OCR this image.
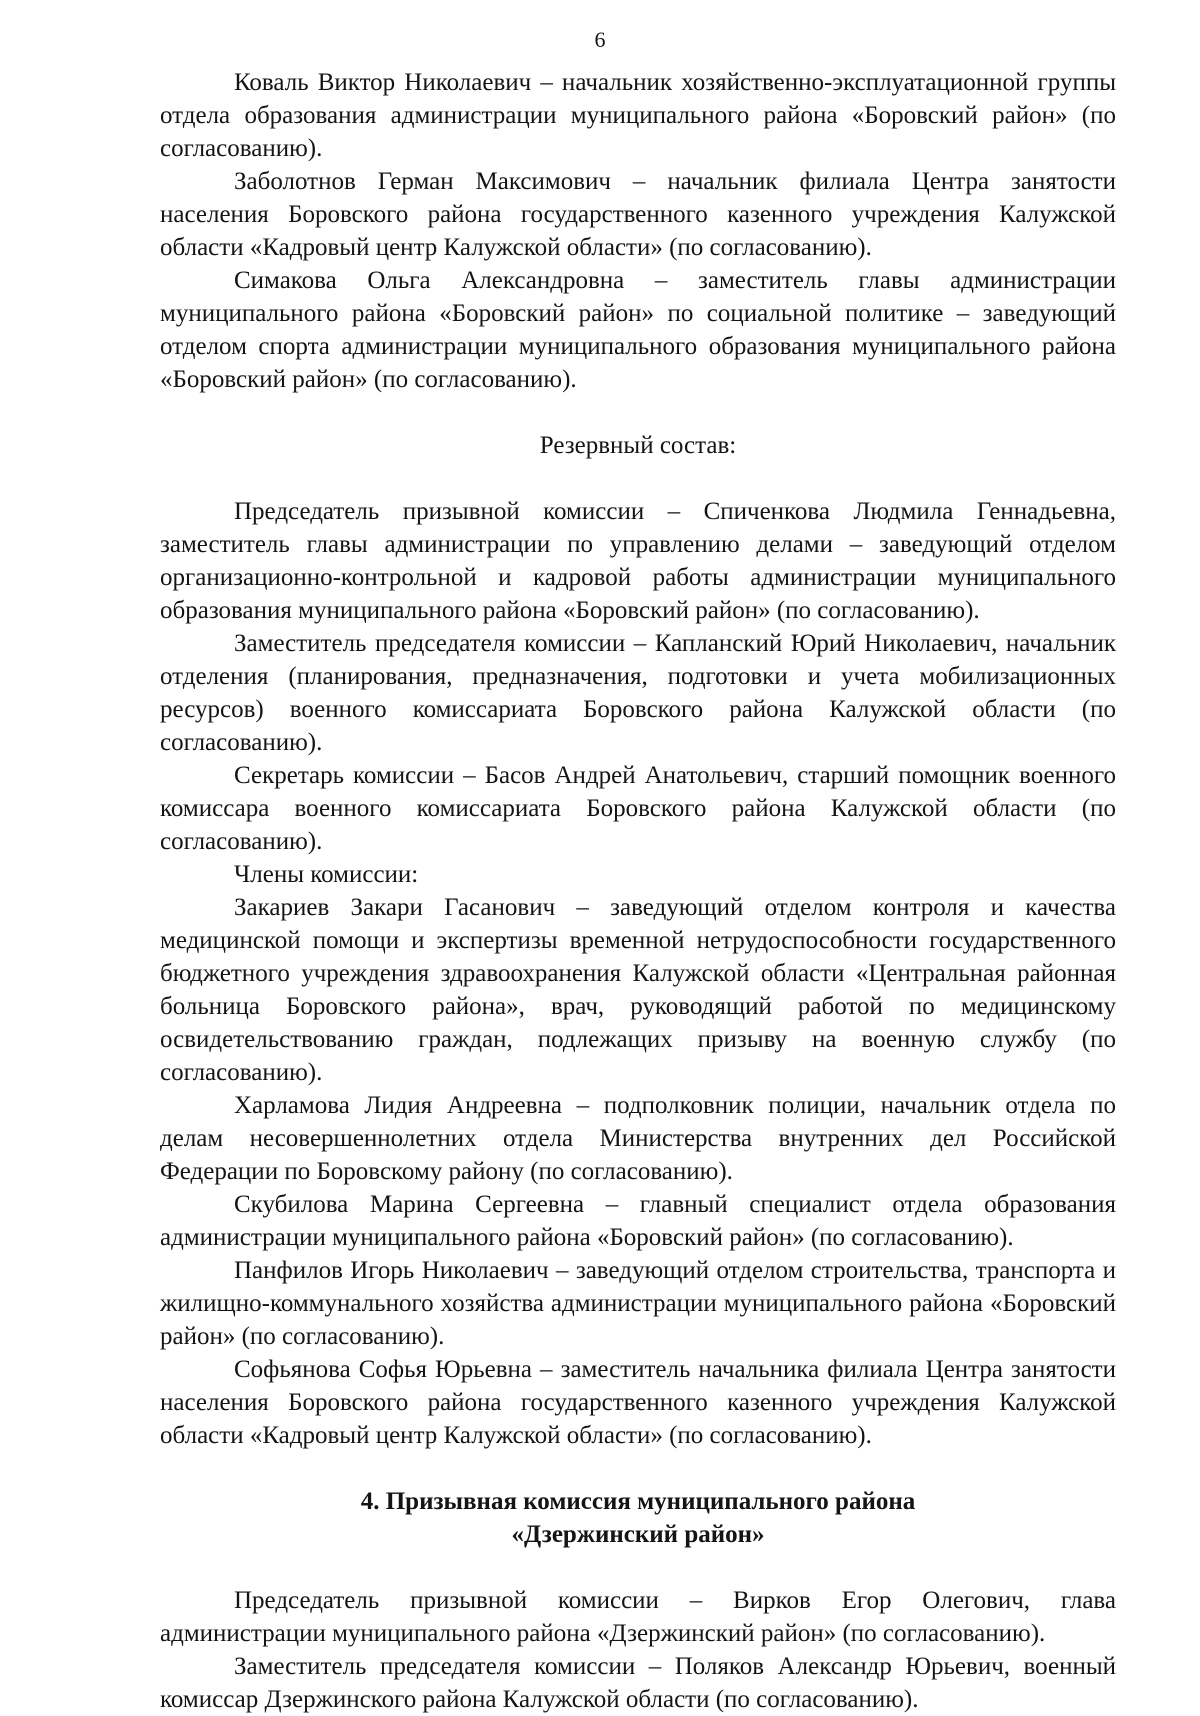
6

Коваль Виктор Николаевич – начальник хозяйственно-эксплуатационной группы отдела образования администрации муниципального района «Боровский район» (по согласованию).

Заболотнов Герман Максимович – начальник филиала Центра занятости населения Боровского района государственного казенного учреждения Калужской области «Кадровый центр Калужской области» (по согласованию).

Симакова Ольга Александровна – заместитель главы администрации муниципального района «Боровский район» по социальной политике – заведующий отделом спорта администрации муниципального образования муниципального района «Боровский район» (по согласованию).

Резервный состав:

Председатель призывной комиссии – Спиченкова Людмила Геннадьевна, заместитель главы администрации по управлению делами – заведующий отделом организационно-контрольной и кадровой работы администрации муниципального образования муниципального района «Боровский район» (по согласованию).

Заместитель председателя комиссии – Капланский Юрий Николаевич, начальник отделения (планирования, предназначения, подготовки и учета мобилизационных ресурсов) военного комиссариата Боровского района Калужской области (по согласованию).

Секретарь комиссии – Басов Андрей Анатольевич, старший помощник военного комиссара военного комиссариата Боровского района Калужской области (по согласованию).

Члены комиссии:

Закариев Закари Гасанович – заведующий отделом контроля и качества медицинской помощи и экспертизы временной нетрудоспособности государственного бюджетного учреждения здравоохранения Калужской области «Центральная районная больница Боровского района», врач, руководящий работой по медицинскому освидетельствованию граждан, подлежащих призыву на военную службу (по согласованию).

Харламова Лидия Андреевна – подполковник полиции, начальник отдела по делам несовершеннолетних отдела Министерства внутренних дел Российской Федерации по Боровскому району (по согласованию).

Скубилова Марина Сергеевна – главный специалист отдела образования администрации муниципального района «Боровский район» (по согласованию).

Панфилов Игорь Николаевич – заведующий отделом строительства, транспорта и жилищно-коммунального хозяйства администрации муниципального района «Боровский район» (по согласованию).

Софьянова Софья Юрьевна – заместитель начальника филиала Центра занятости населения Боровского района государственного казенного учреждения Калужской области «Кадровый центр Калужской области» (по согласованию).

4. Призывная комиссия муниципального района

«Дзержинский район»

Председатель призывной комиссии – Вирков Егор Олегович, глава администрации муниципального района «Дзержинский район» (по согласованию).

Заместитель председателя комиссии – Поляков Александр Юрьевич, военный комиссар Дзержинского района Калужской области (по согласованию).
